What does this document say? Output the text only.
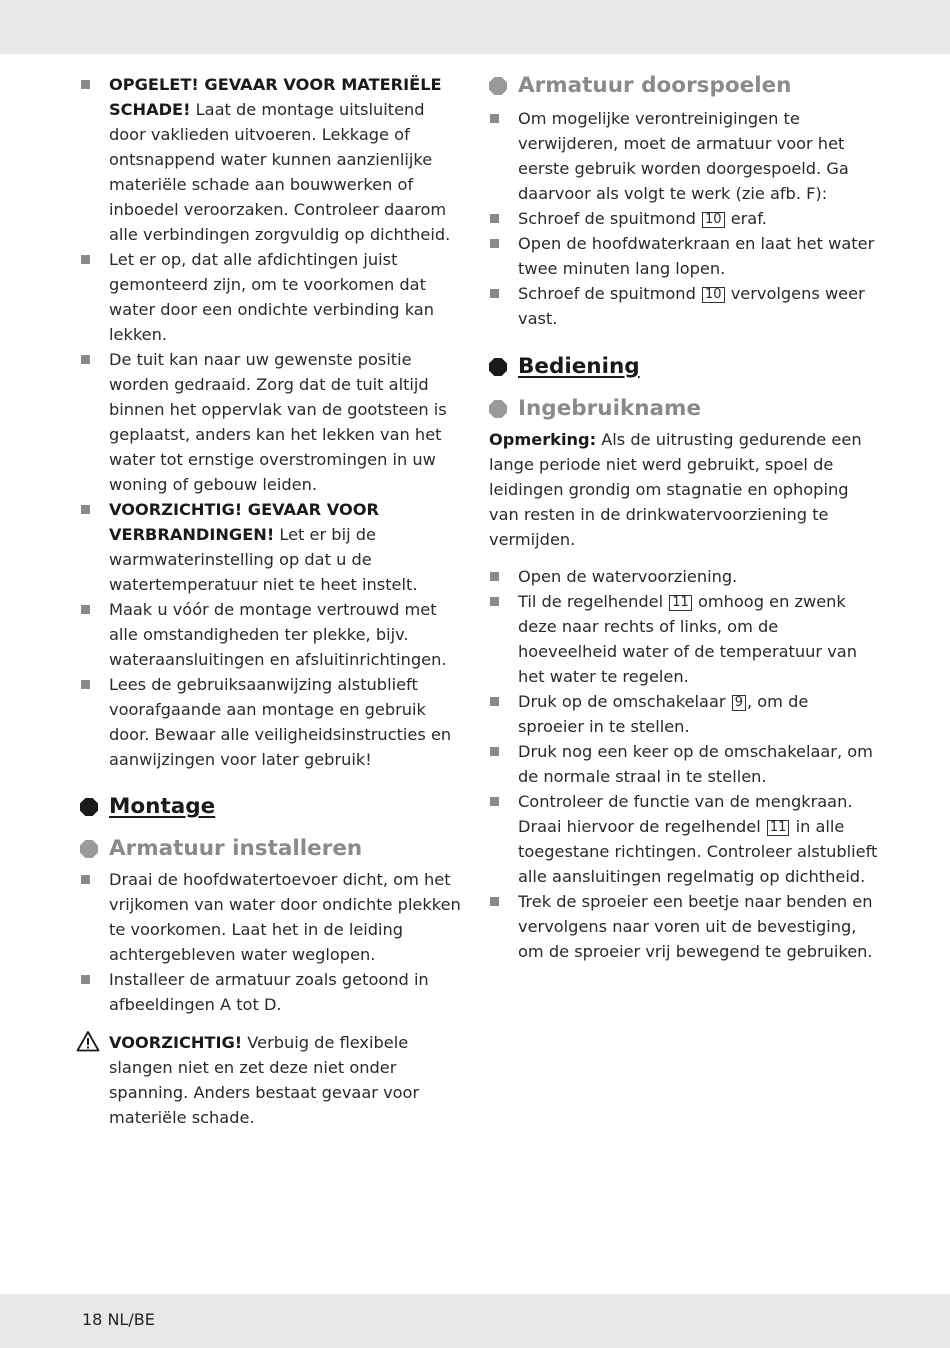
OPGELET! GEVAAR VOOR MATERIËLE SCHADE! Laat de montage uitsluitend door vaklieden uitvoeren. Lekkage of ontsnappend water kunnen aanzienlijke materiële schade aan bouwwerken of inboedel veroorzaken. Controleer daarom alle verbindingen zorgvuldig op dichtheid.
Let er op, dat alle afdichtingen juist gemonteerd zijn, om te voorkomen dat water door een ondichte verbinding kan lekken.
De tuit kan naar uw gewenste positie worden gedraaid. Zorg dat de tuit altijd binnen het oppervlak van de gootsteen is geplaatst, anders kan het lekken van het water tot ernstige overstromingen in uw woning of gebouw leiden.
VOORZICHTIG! GEVAAR VOOR VERBRANDINGEN! Let er bij de warmwaterinstelling op dat u de watertemperatuur niet te heet instelt.
Maak u vóór de montage vertrouwd met alle omstandigheden ter plekke, bijv. wateraansluitingen en afsluitinrichtingen.
Lees de gebruiksaanwijzing alstublieft voorafgaande aan montage en gebruik door. Bewaar alle veiligheidsinstructies en aanwijzingen voor later gebruik!
Montage
Armatuur installeren
Draai de hoofdwatertoevoer dicht, om het vrijkomen van water door ondichte plekken te voorkomen. Laat het in de leiding achtergebleven water weglopen.
Installeer de armatuur zoals getoond in afbeeldingen A tot D.
VOORZICHTIG! Verbuig de flexibele slangen niet en zet deze niet onder spanning. Anders bestaat gevaar voor materiële schade.
Armatuur doorspoelen
Om mogelijke verontreinigingen te verwijderen, moet de armatuur voor het eerste gebruik worden doorgespoeld. Ga daarvoor als volgt te werk (zie afb. F):
Schroef de spuitmond 10 eraf.
Open de hoofdwaterkraan en laat het water twee minuten lang lopen.
Schroef de spuitmond 10 vervolgens weer vast.
Bediening
Ingebruikname

Opmerking: Als de uitrusting gedurende een lange periode niet werd gebruikt, spoel de leidingen grondig om stagnatie en ophoping van resten in de drinkwatervoorziening te vermijden.

Open de watervoorziening.
Til de regelhendel 11 omhoog en zwenk deze naar rechts of links, om de hoeveelheid water of de temperatuur van het water te regelen.
Druk op de omschakelaar 9 , om de sproeier in te stellen.
Druk nog een keer op de omschakelaar, om de normale straal in te stellen.
Controleer de functie van de mengkraan. Draai hiervoor de regelhendel 11 in alle toegestane richtingen. Controleer alstublieft alle aansluitingen regelmatig op dichtheid.
Trek de sproeier een beetje naar benden en vervolgens naar voren uit de bevestiging, om de sproeier vrij bewegend te gebruiken.
18 NL/BE
